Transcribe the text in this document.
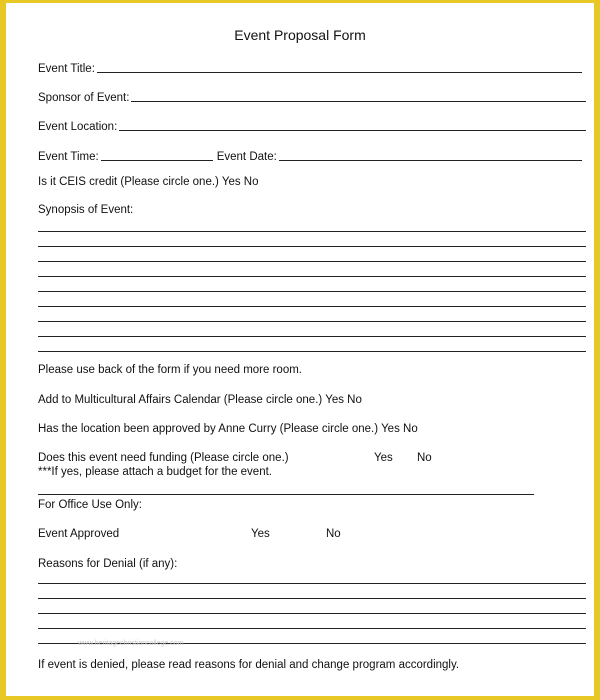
Event Proposal Form
Event Title:
Sponsor of Event:
Event Location:
Event Time:	Event Date:
Is it CEIS credit (Please circle one.) Yes No
Synopsis of Event:
Please use back of the form if you need more room.
Add to Multicultural Affairs Calendar (Please circle one.) Yes No
Has the location been approved by Anne Curry (Please circle one.) Yes No
Does this event need funding (Please circle one.)	Yes No
***If yes, please attach a budget for the event.
For Office Use Only:
Event Approved	Yes	No
Reasons for Denial (if any):
www.heritagechristiancollege.com
If event is denied, please read reasons for denial and change program accordingly.
